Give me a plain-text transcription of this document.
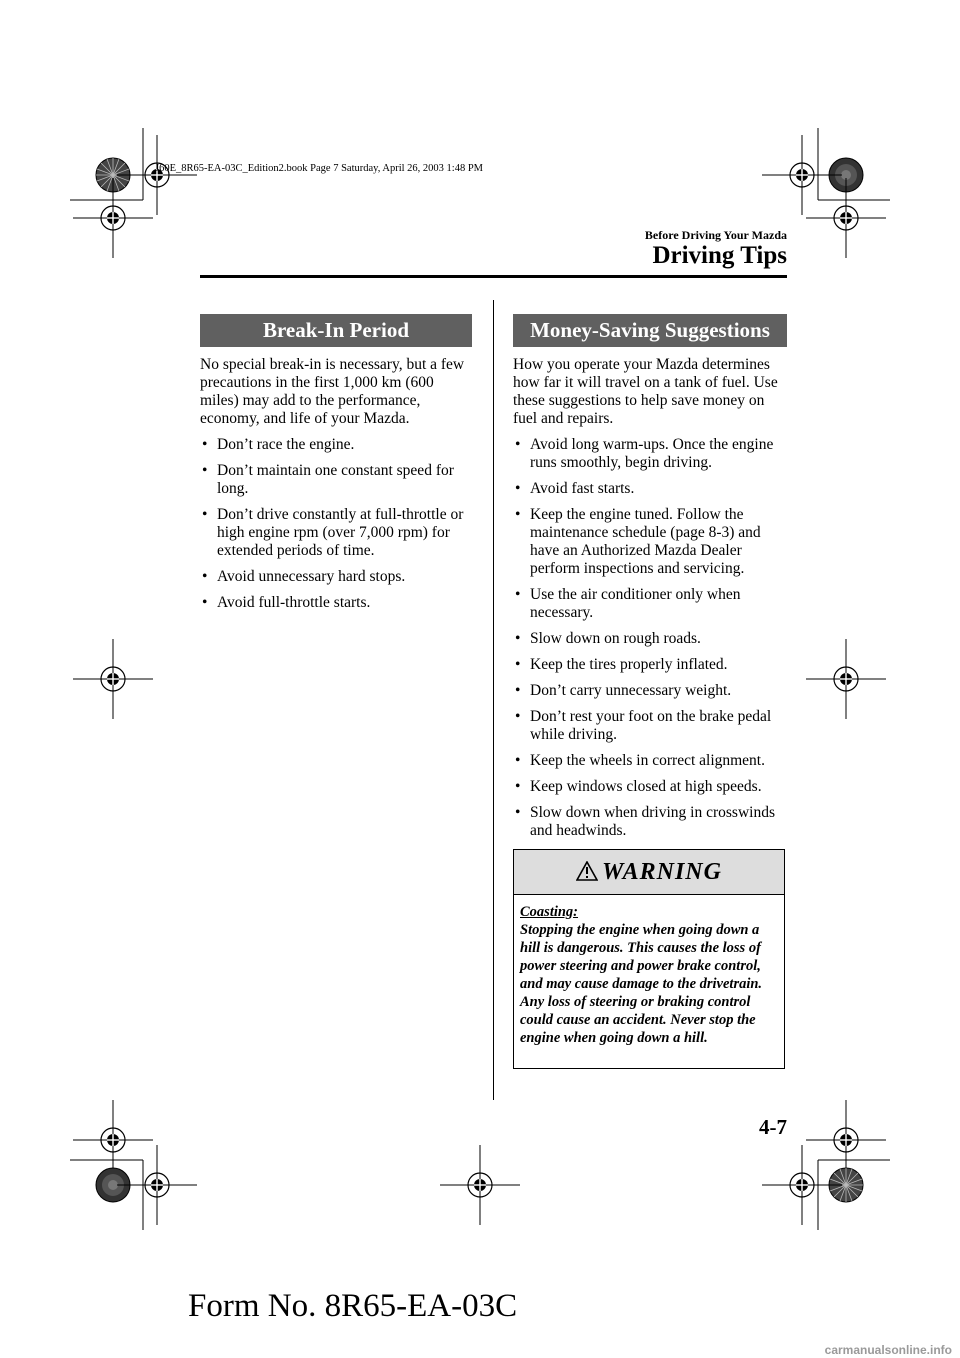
J60E_8R65-EA-03C_Edition2.book Page 7 Saturday, April 26, 2003 1:48 PM
Before Driving Your Mazda
Driving Tips
Break-In Period

No special break-in is necessary, but a few precautions in the first 1,000 km (600 miles) may add to the performance, economy, and life of your Mazda.

• Don’t race the engine.
• Don’t maintain one constant speed for long.
• Don’t drive constantly at full-throttle or high engine rpm (over 7,000 rpm) for extended periods of time.
• Avoid unnecessary hard stops.
• Avoid full-throttle starts.
Money-Saving Suggestions

How you operate your Mazda determines how far it will travel on a tank of fuel. Use these suggestions to help save money on fuel and repairs.

• Avoid long warm-ups. Once the engine runs smoothly, begin driving.
• Avoid fast starts.
• Keep the engine tuned. Follow the maintenance schedule (page 8-3) and have an Authorized Mazda Dealer perform inspections and servicing.
• Use the air conditioner only when necessary.
• Slow down on rough roads.
• Keep the tires properly inflated.
• Don’t carry unnecessary weight.
• Don’t rest your foot on the brake pedal while driving.
• Keep the wheels in correct alignment.
• Keep windows closed at high speeds.
• Slow down when driving in crosswinds and headwinds.
WARNING
Coasting:
Stopping the engine when going down a hill is dangerous. This causes the loss of power steering and power brake control, and may cause damage to the drivetrain. Any loss of steering or braking control could cause an accident. Never stop the engine when going down a hill.
4-7
Form No. 8R65-EA-03C
carmanualsonline.info
